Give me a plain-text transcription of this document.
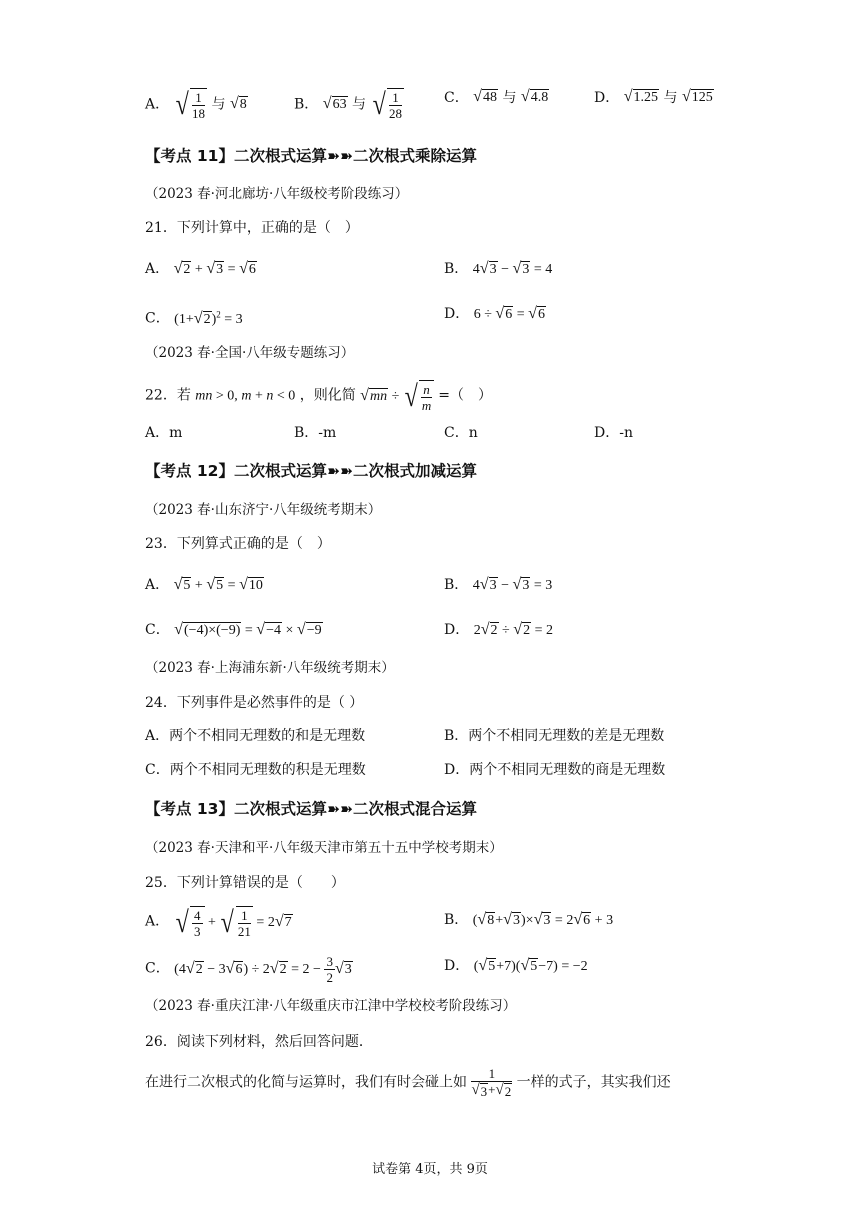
A． √ $\frac{1}{18}$ 与 √ 8	B． √ 63 与 √ $\frac{1}{28}$	C． √ 48 与 √ 4.8	D． √ 1.25 与 √ 125
【考点 11】二次根式运算➽➽二次根式乘除运算
（2023 春·河北廊坊·八年级校考阶段练习）
21．下列计算中，正确的是（　）
A． √ 2 + √ 3 = √ 6	B． 4 √ 3 − √ 3 = 4
C． (1+ √ 2 )$^2$ = 3	D． 6 ÷ √ 6 = √ 6
（2023 春·全国·八年级专题练习）
22．若 mn > 0, m + n < 0 ，则化简 √ mn ÷ √ $\frac{n}{m}$ =（　）
A．m	B．-m	C．n	D．-n
【考点 12】二次根式运算➽➽二次根式加减运算
（2023 春·山东济宁·八年级统考期末）
23．下列算式正确的是（　）
A． √ 5 + √ 5 = √ 10	B． 4 √ 3 − √ 3 = 3
C． √ (−4)×(−9) = √ −4 × √ −9	D． 2 √ 2 ÷ √ 2 = 2
（2023 春·上海浦东新·八年级统考期末）
24．下列事件是必然事件的是（ ）
A．两个不相同无理数的和是无理数	B．两个不相同无理数的差是无理数
C．两个不相同无理数的积是无理数	D．两个不相同无理数的商是无理数
【考点 13】二次根式运算➽➽二次根式混合运算
（2023 春·天津和平·八年级天津市第五十五中学校考期末）
25．下列计算错误的是（　　）
A． √ $\frac{4}{3}$ + √ $\frac{1}{21} = 2$ √ 7	B． ( √ 8 + √ 3 )× √ 3 = 2 √ 6 + 3
C． (4 √ 2 − 3 √ 6 ) ÷ 2 √ $2 = 2 - \frac{3}{2}$ √ 3	D． ( √ 5 +7)( √ 5 −7) = −2
（2023 春·重庆江津·八年级重庆市江津中学校校考阶段练习）
26．阅读下列材料，然后回答问题．
在进行二次根式的化简与运算时，我们有时会碰上如 $\frac{1}{√ 3 + √ 2}$ 一样的式子，其实我们还
试卷第 4页，共 9页
